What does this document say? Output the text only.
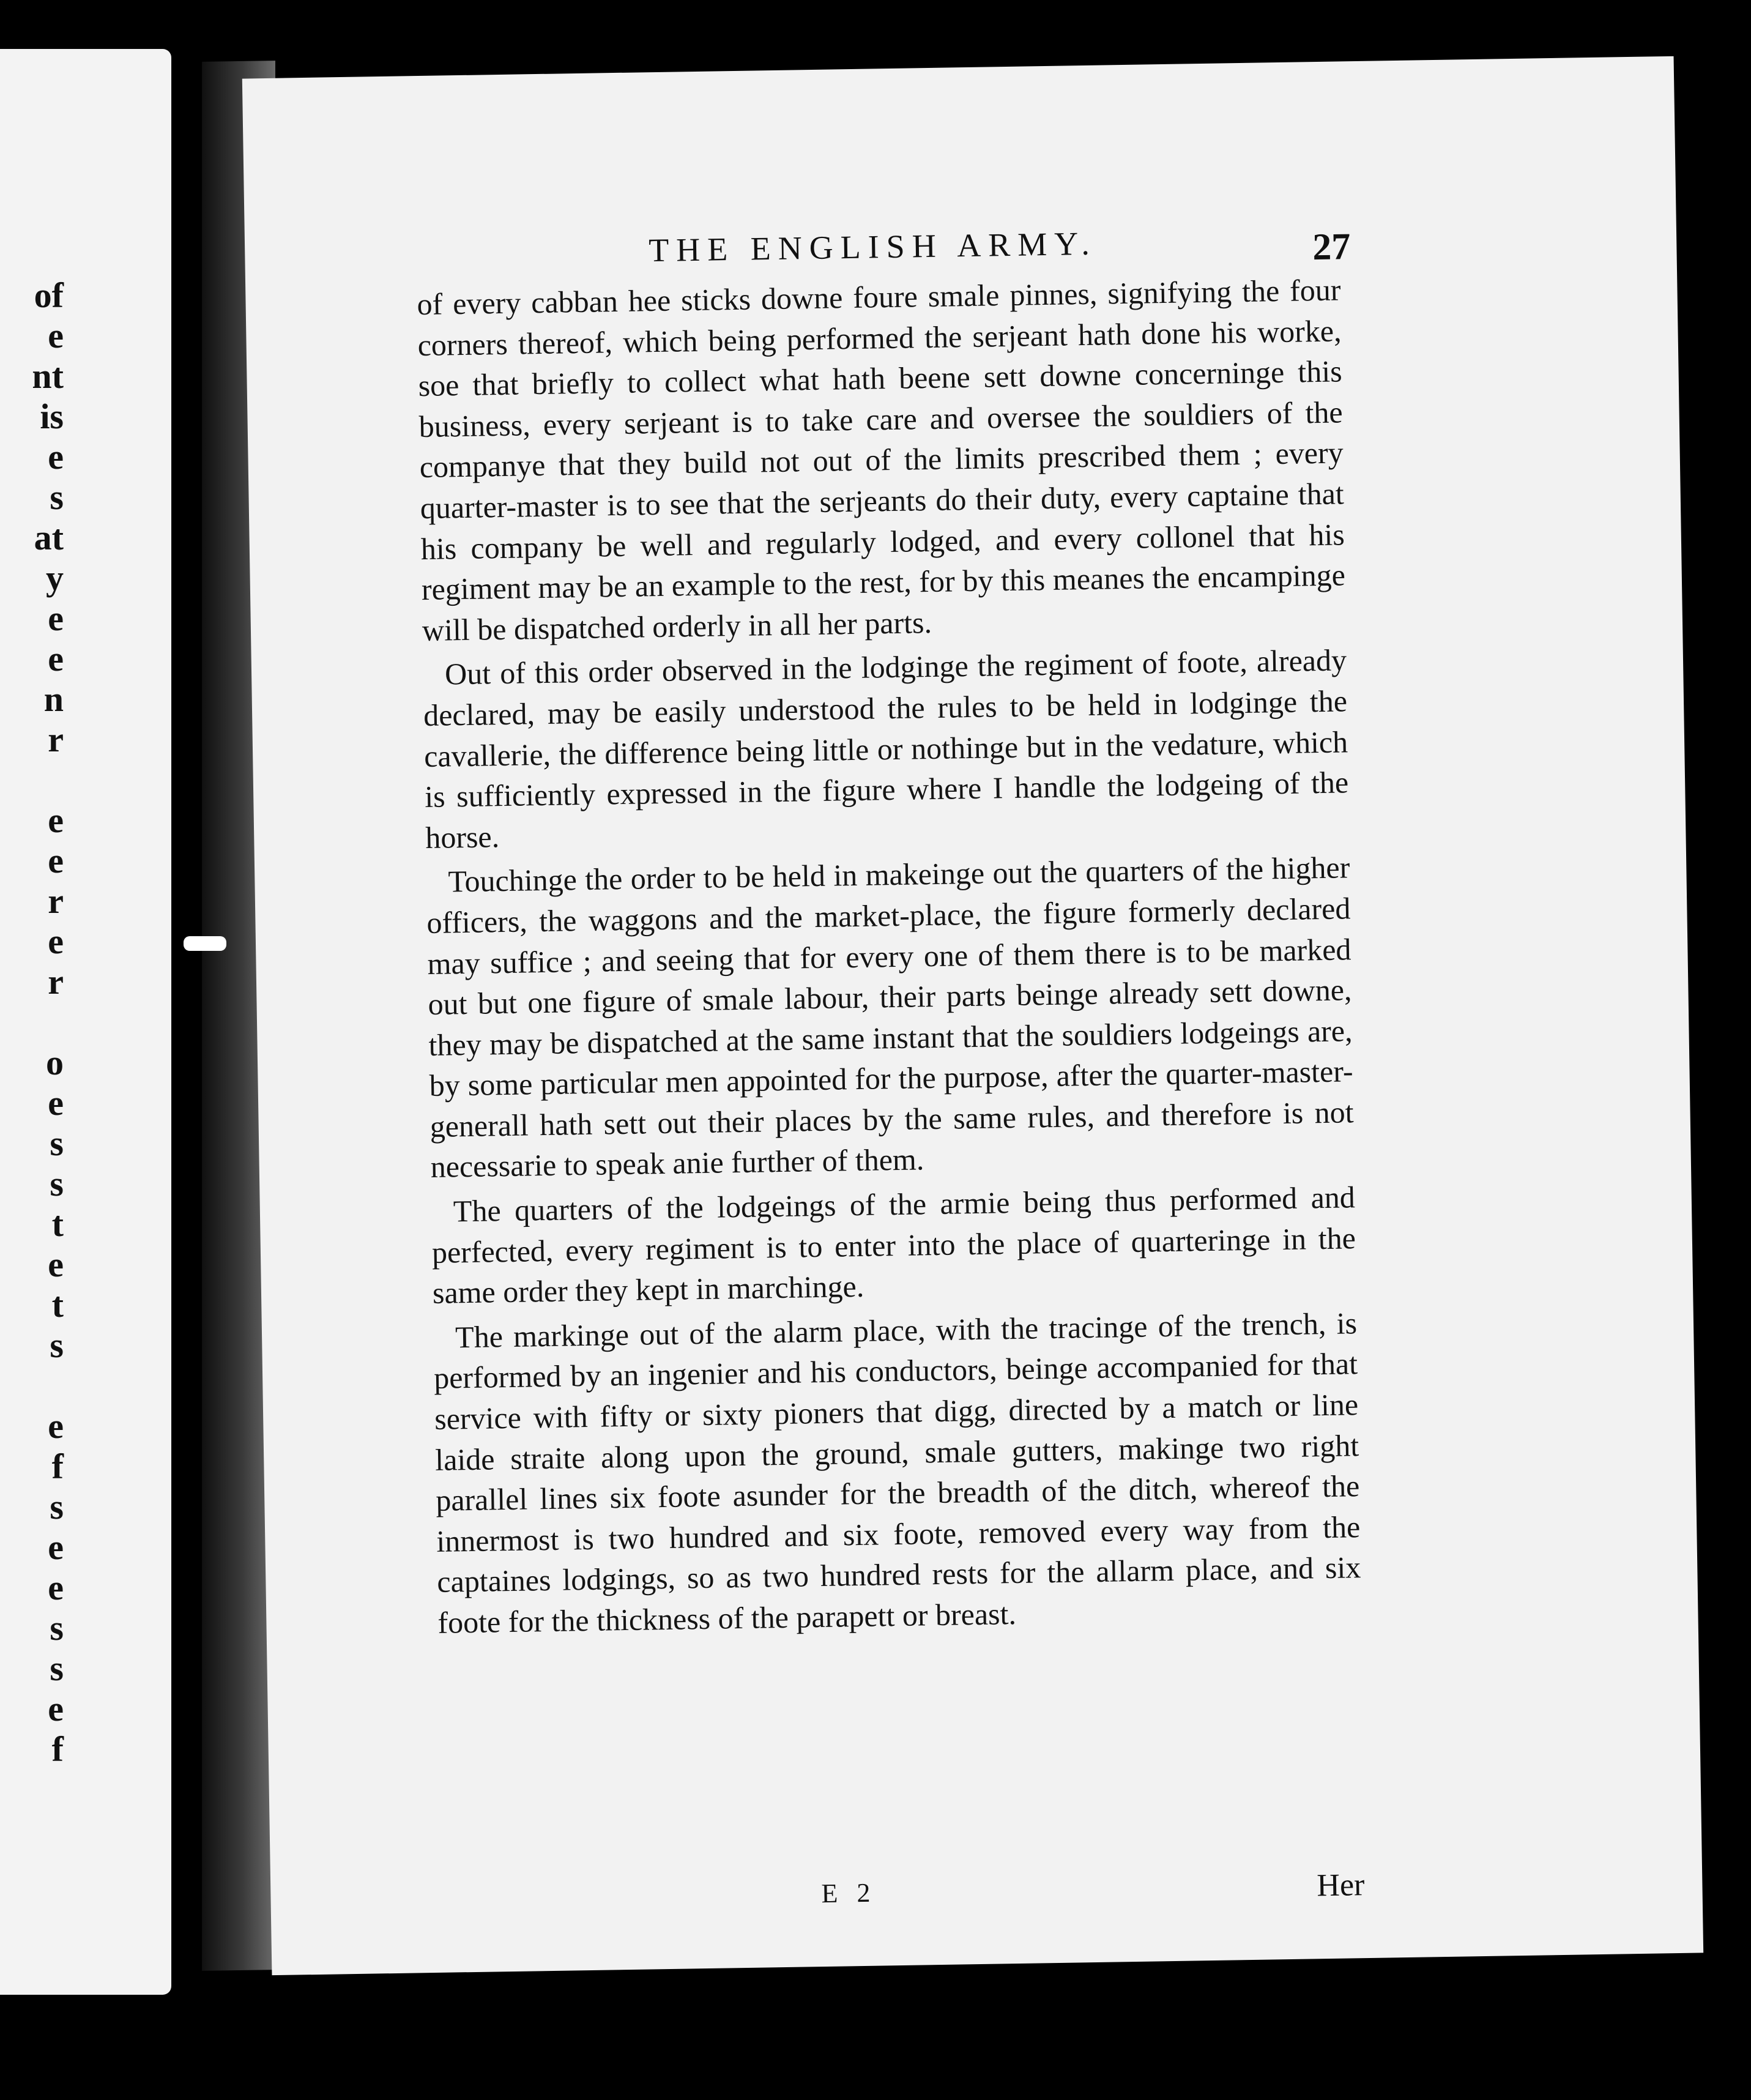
of
e
nt
is
e
s
at
y
e
e
n
r
e
e
r
e
r
o
e
s
s
t
e
t
s
e
f
s
e
e
s
s
e
f
THE ENGLISH ARMY.	27

of every cabban hee sticks downe foure smale pinnes, signifying the four corners thereof, which being performed the serjeant hath done his worke, soe that briefly to collect what hath beene sett downe concerninge this business, every serjeant is to take care and oversee the souldiers of the companye that they build not out of the limits prescribed them ; every quarter-master is to see that the serjeants do their duty, every captaine that his company be well and regularly lodged, and every collonel that his regiment may be an example to the rest, for by this meanes the encampinge will be dispatched orderly in all her parts.

Out of this order observed in the lodginge the regiment of foote, already declared, may be easily understood the rules to be held in lodginge the cavallerie, the difference being little or nothinge but in the vedature, which is sufficiently expressed in the figure where I handle the lodgeing of the horse.

Touchinge the order to be held in makeinge out the quarters of the higher officers, the waggons and the market-place, the figure formerly declared may suffice ; and seeing that for every one of them there is to be marked out but one figure of smale labour, their parts beinge already sett downe, they may be dispatched at the same instant that the souldiers lodgeings are, by some particular men appointed for the purpose, after the quarter-master-generall hath sett out their places by the same rules, and therefore is not necessarie to speak anie further of them.

The quarters of the lodgeings of the armie being thus performed and perfected, every regiment is to enter into the place of quarteringe in the same order they kept in marchinge.

The markinge out of the alarm place, with the tracinge of the trench, is performed by an ingenier and his conductors, beinge accompanied for that service with fifty or sixty pioners that digg, directed by a match or line laide straite along upon the ground, smale gutters, makinge two right parallel lines six foote asunder for the breadth of the ditch, whereof the innermost is two hundred and six foote, removed every way from the captaines lodgings, so as two hundred rests for the allarm place, and six foote for the thickness of the parapett or breast.

E 2	Her
